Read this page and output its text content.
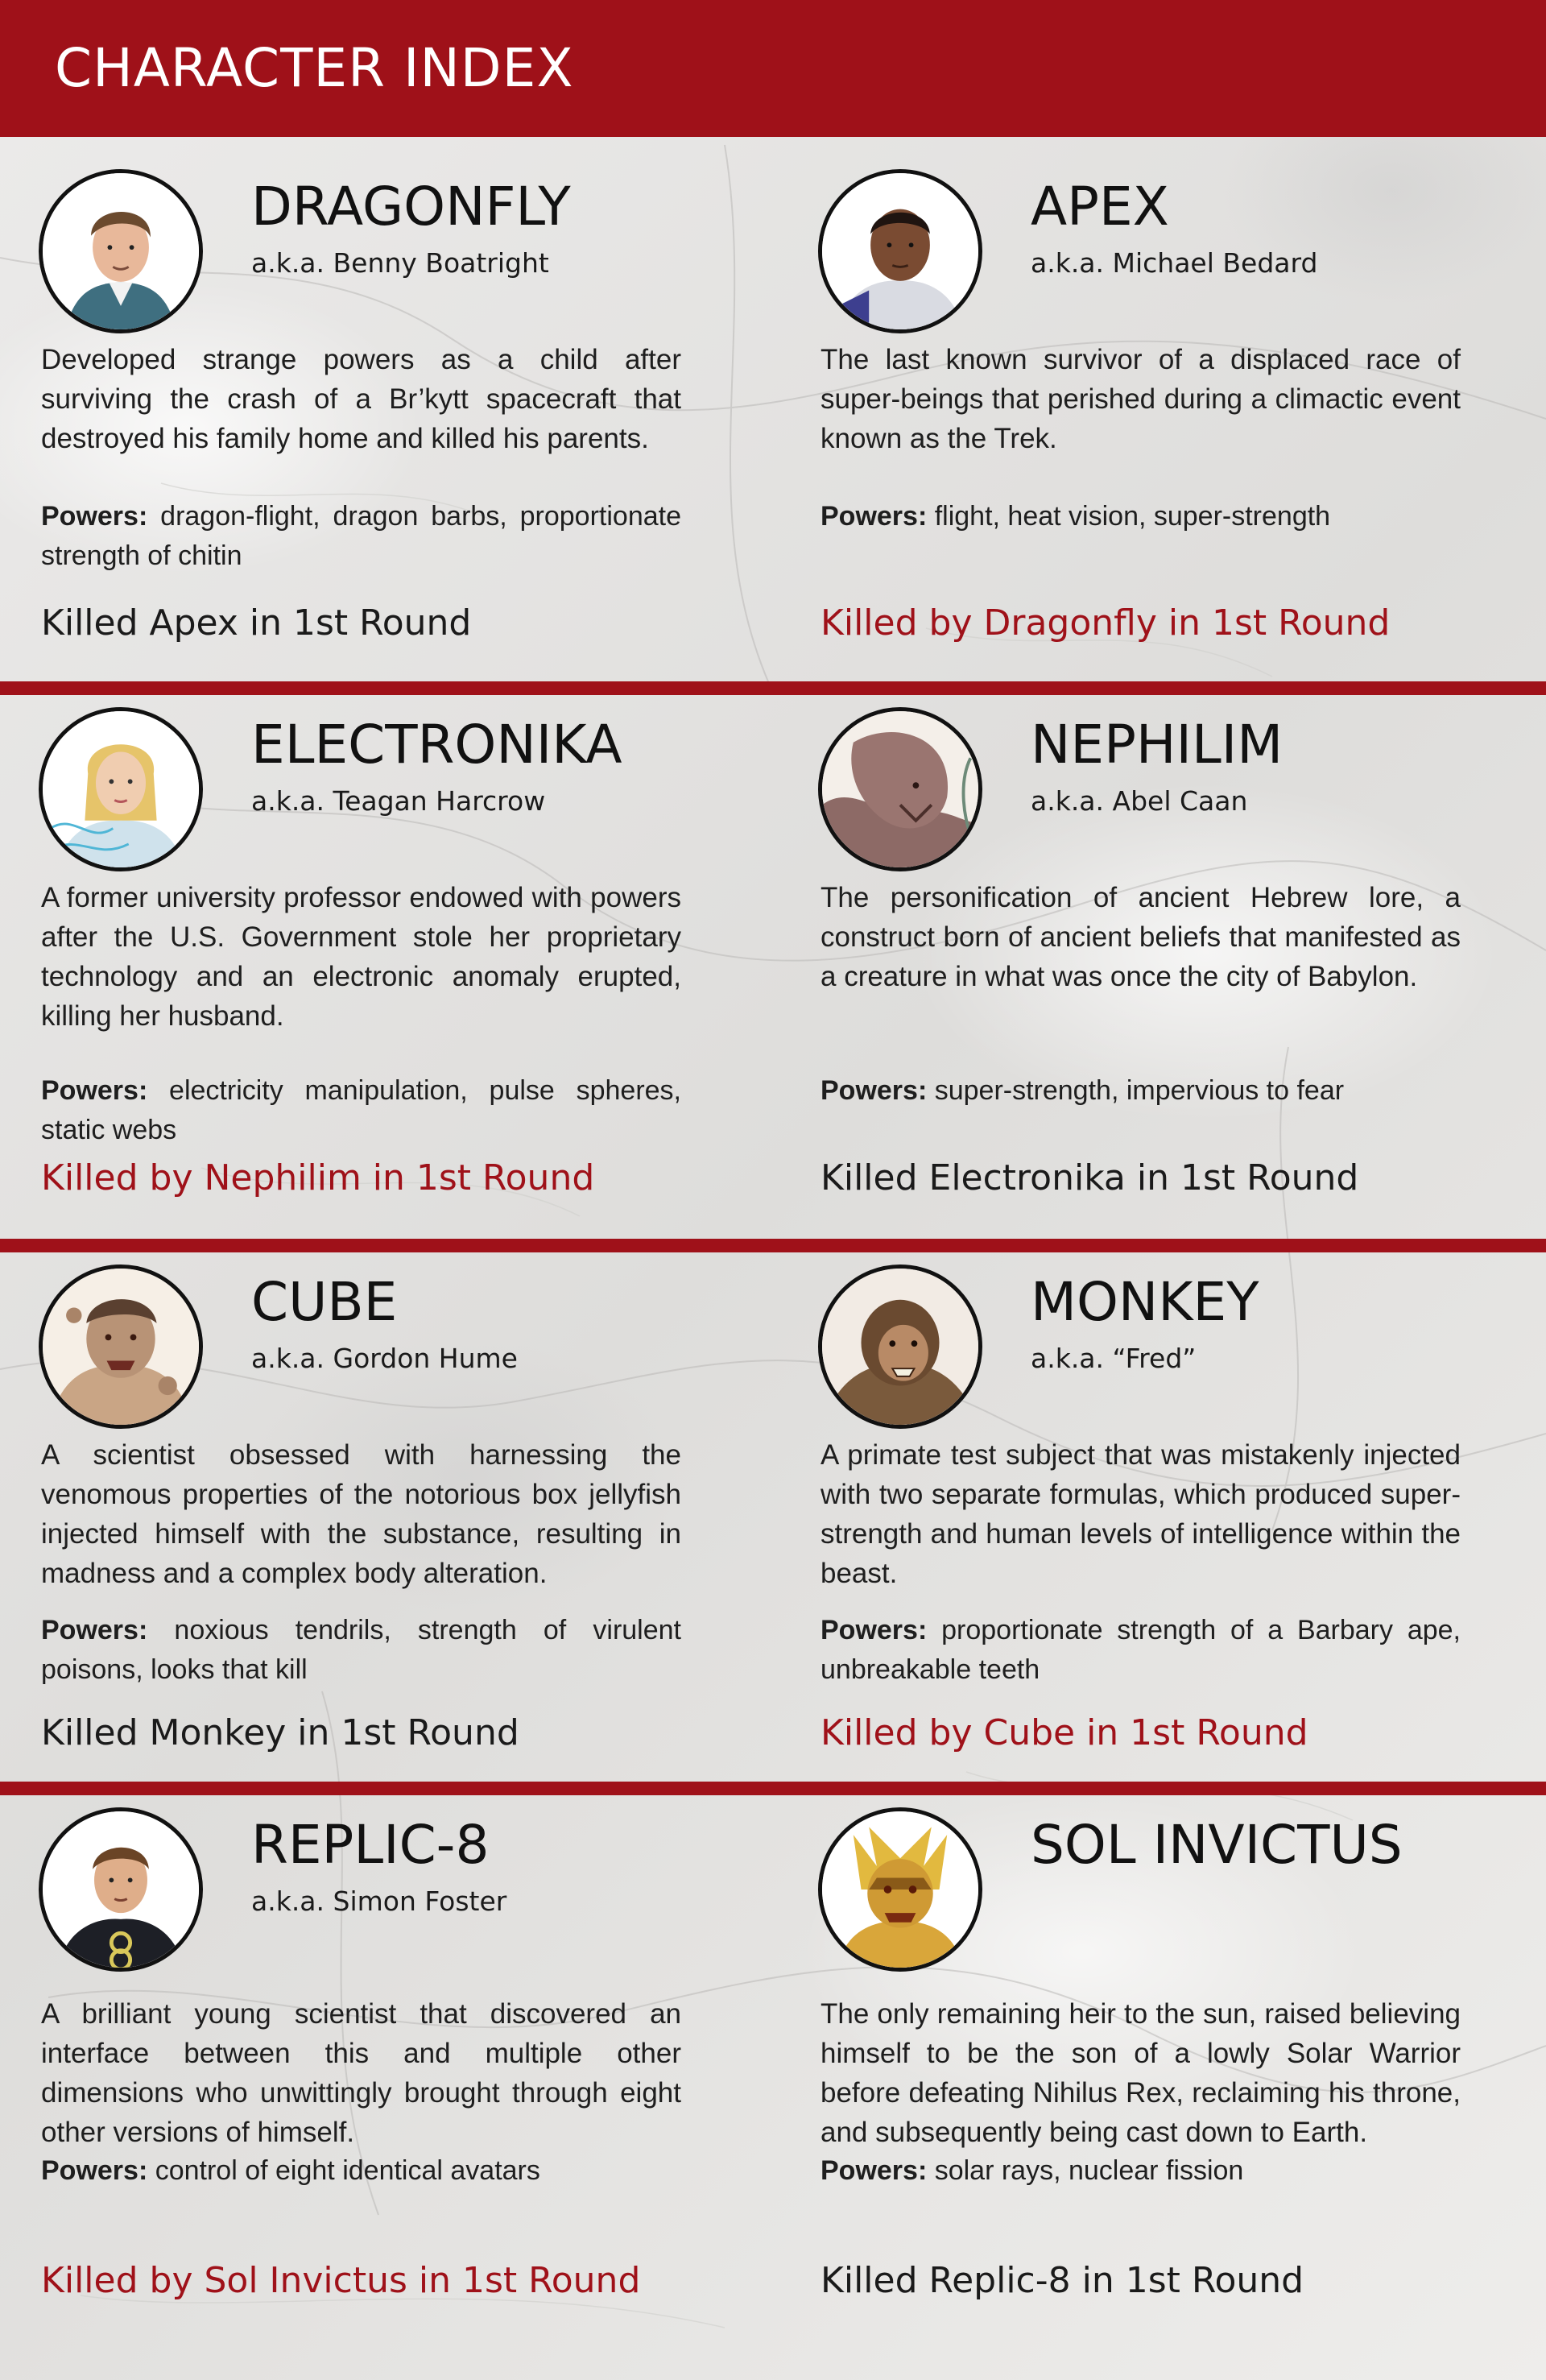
CHARACTER INDEX
DRAGONFLY
a.k.a. Benny Boatright

Developed strange powers as a child after surviving the crash of a Br’kytt spacecraft that destroyed his family home and killed his parents.

Powers: dragon-flight, dragon barbs, proportionate strength of chitin

Killed Apex in 1st Round
APEX
a.k.a. Michael Bedard

The last known survivor of a displaced race of super-beings that perished during a climactic event known as the Trek.

Powers: flight, heat vision, super-strength

Killed by Dragonfly in 1st Round
ELECTRONIKA
a.k.a. Teagan Harcrow

A former university professor endowed with powers after the U.S. Government stole her proprietary technology and an electronic anomaly erupted, killing her husband.

Powers: electricity manipulation, pulse spheres, static webs

Killed by Nephilim in 1st Round
NEPHILIM
a.k.a. Abel Caan

The personification of ancient Hebrew lore, a construct born of ancient beliefs that manifested as a creature in what was once the city of Babylon.

Powers: super-strength, impervious to fear

Killed Electronika in 1st Round
CUBE
a.k.a. Gordon Hume

A scientist obsessed with harnessing the venomous properties of the notorious box jellyfish injected himself with the substance, resulting in madness and a complex body alteration.

Powers: noxious tendrils, strength of virulent poisons, looks that kill

Killed Monkey in 1st Round
MONKEY
a.k.a. “Fred”

A primate test subject that was mistakenly injected with two separate formulas, which produced super-strength and human levels of intelligence within the beast.

Powers: proportionate strength of a Barbary ape, unbreakable teeth

Killed by Cube in 1st Round
REPLIC-8
a.k.a. Simon Foster

A brilliant young scientist that discovered an interface between this and multiple other dimensions who unwittingly brought through eight other versions of himself.

Powers: control of eight identical avatars

Killed by Sol Invictus in 1st Round
SOL INVICTUS

The only remaining heir to the sun, raised believing himself to be the son of a lowly Solar Warrior before defeating Nihilus Rex, reclaiming his throne, and subsequently being cast down to Earth.

Powers: solar rays, nuclear fission

Killed Replic-8 in 1st Round
